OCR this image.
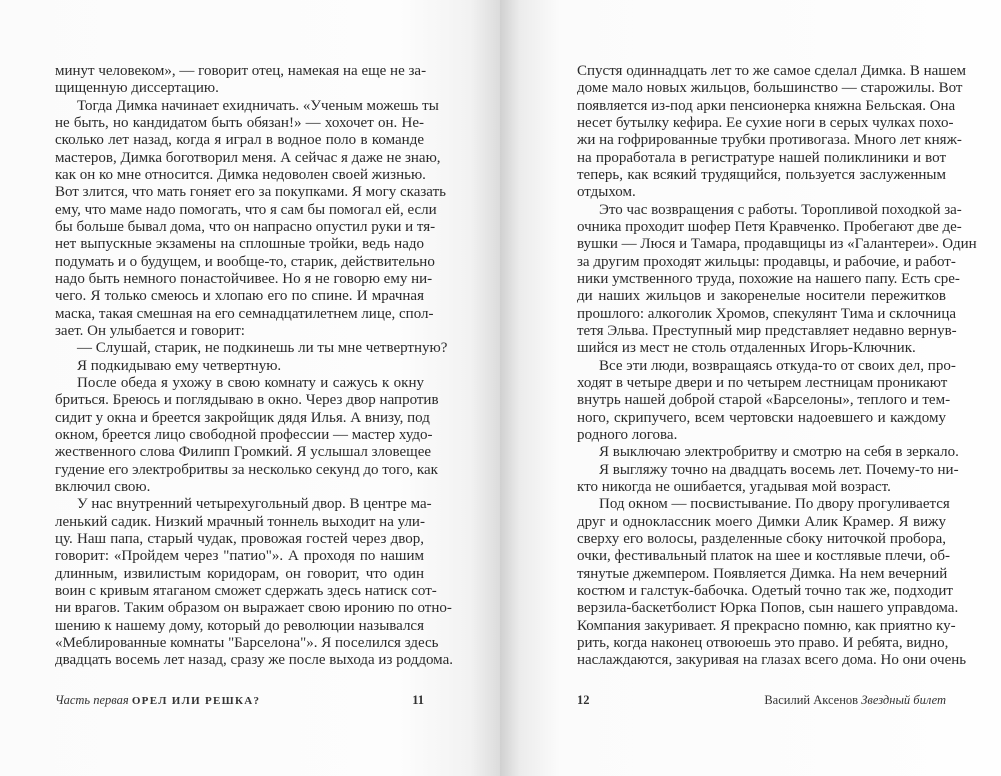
минут человеком», — говорит отец, намекая на еще не за-
щищенную диссертацию.
Тогда Димка начинает ехидничать. «Ученым можешь ты
не быть, но кандидатом быть обязан!» — хохочет он. Не-
сколько лет назад, когда я играл в водное поло в команде
мастеров, Димка боготворил меня. А сейчас я даже не знаю,
как он ко мне относится. Димка недоволен своей жизнью.
Вот злится, что мать гоняет его за покупками. Я могу сказать
ему, что маме надо помогать, что я сам бы помогал ей, если
бы больше бывал дома, что он напрасно опустил руки и тя-
нет выпускные экзамены на сплошные тройки, ведь надо
подумать и о будущем, и вообще-то, старик, действительно
надо быть немного понастойчивее. Но я не говорю ему ни-
чего. Я только смеюсь и хлопаю его по спине. И мрачная
маска, такая смешная на его семнадцатилетнем лице, спол-
зает. Он улыбается и говорит:
— Слушай, старик, не подкинешь ли ты мне четвертную?
Я подкидываю ему четвертную.
После обеда я ухожу в свою комнату и сажусь к окну
бриться. Бреюсь и поглядываю в окно. Через двор напротив
сидит у окна и бреется закройщик дядя Илья. А внизу, под
окном, бреется лицо свободной профессии — мастер худо-
жественного слова Филипп Громкий. Я услышал зловещее
гудение его электробритвы за несколько секунд до того, как
включил свою.
У нас внутренний четырехугольный двор. В центре ма-
ленький садик. Низкий мрачный тоннель выходит на ули-
цу. Наш папа, старый чудак, провожая гостей через двор,
говорит: «Пройдем через "патио"». А проходя по нашим
длинным, извилистым коридорам, он говорит, что один
воин с кривым ятаганом сможет сдержать здесь натиск сот-
ни врагов. Таким образом он выражает свою иронию по отно-
шению к нашему дому, который до революции назывался
«Меблированные комнаты "Барселона"». Я поселился здесь
двадцать восемь лет назад, сразу же после выхода из роддома.
Часть первая ОРЕЛ ИЛИ РЕШКА?	11
Спустя одиннадцать лет то же самое сделал Димка. В нашем
доме мало новых жильцов, большинство — старожилы. Вот
появляется из-под арки пенсионерка княжна Бельская. Она
несет бутылку кефира. Ее сухие ноги в серых чулках похо-
жи на гофрированные трубки противогаза. Много лет княж-
на проработала в регистратуре нашей поликлиники и вот
теперь, как всякий трудящийся, пользуется заслуженным
отдыхом.
Это час возвращения с работы. Торопливой походкой за-
очника проходит шофер Петя Кравченко. Пробегают две де-
вушки — Люся и Тамара, продавщицы из «Галантереи». Один
за другим проходят жильцы: продавцы, и рабочие, и работ-
ники умственного труда, похожие на нашего папу. Есть сре-
ди наших жильцов и закоренелые носители пережитков
прошлого: алкоголик Хромов, спекулянт Тима и склочница
тетя Эльва. Преступный мир представляет недавно вернув-
шийся из мест не столь отдаленных Игорь-Ключник.
Все эти люди, возвращаясь откуда-то от своих дел, про-
ходят в четыре двери и по четырем лестницам проникают
внутрь нашей доброй старой «Барселоны», теплого и тем-
ного, скрипучего, всем чертовски надоевшего и каждому
родного логова.
Я выключаю электробритву и смотрю на себя в зеркало.
Я выгляжу точно на двадцать восемь лет. Почему-то ни-
кто никогда не ошибается, угадывая мой возраст.
Под окном — посвистывание. По двору прогуливается
друг и одноклассник моего Димки Алик Крамер. Я вижу
сверху его волосы, разделенные сбоку ниточкой пробора,
очки, фестивальный платок на шее и костлявые плечи, об-
тянутые джемпером. Появляется Димка. На нем вечерний
костюм и галстук-бабочка. Одетый точно так же, подходит
верзила-баскетболист Юрка Попов, сын нашего управдома.
Компания закуривает. Я прекрасно помню, как приятно ку-
рить, когда наконец отвоюешь это право. И ребята, видно,
наслаждаются, закуривая на глазах всего дома. Но они очень
12	Василий Аксенов Звездный билет
